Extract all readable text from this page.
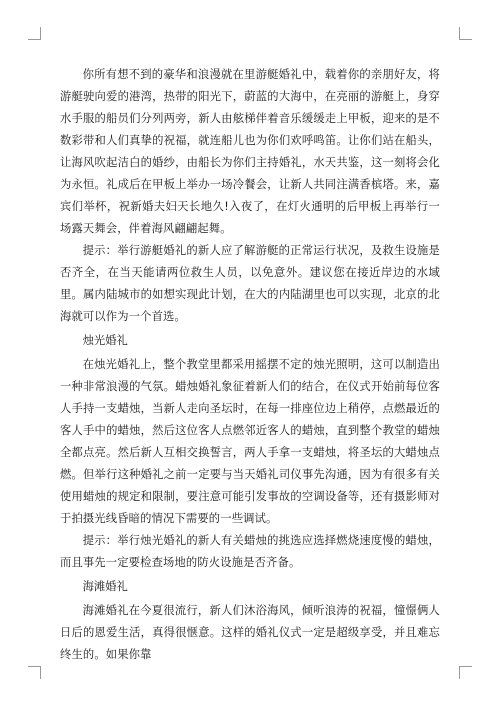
你所有想不到的豪华和浪漫就在里游艇婚礼中，载着你的亲朋好友，将游艇驶向爱的港湾，热带的阳光下，蔚蓝的大海中，在亮丽的游艇上，身穿水手服的船员们分列两旁，新人由舷梯伴着音乐缓缓走上甲板，迎来的是不数彩带和人们真挚的祝福，就连船儿也为你们欢呼鸣笛。让你们站在船头，让海风吹起洁白的婚纱，由船长为你们主持婚礼，水天共鉴，这一刻将会化为永恒。礼成后在甲板上举办一场冷餐会，让新人共同注满香槟塔。来，嘉宾们举杯，祝新婚夫妇天长地久!入夜了，在灯火通明的后甲板上再举行一场露天舞会，伴着海风翩翩起舞。

提示：举行游艇婚礼的新人应了解游艇的正常运行状况，及救生设施是否齐全，在当天能请两位救生人员，以免意外。建议您在接近岸边的水域里。属内陆城市的如想实现此计划，在大的内陆湖里也可以实现，北京的北海就可以作为一个首选。

烛光婚礼

在烛光婚礼上，整个教堂里都采用摇摆不定的烛光照明，这可以制造出一种非常浪漫的气氛。蜡烛婚礼象征着新人们的结合，在仪式开始前每位客人手持一支蜡烛，当新人走向圣坛时，在每一排座位边上稍停，点燃最近的客人手中的蜡烛，然后这位客人点燃邻近客人的蜡烛，直到整个教堂的蜡烛全都点亮。然后新人互相交换誓言，两人手拿一支蜡烛，将圣坛的大蜡烛点燃。但举行这种婚礼之前一定要与当天婚礼司仪事先沟通，因为有很多有关使用蜡烛的规定和限制，要注意可能引发事故的空调设备等，还有摄影师对于拍摄光线昏暗的情况下需要的一些调试。

提示：举行烛光婚礼的新人有关蜡烛的挑选应选择燃烧速度慢的蜡烛，而且事先一定要检查场地的防火设施是否齐备。

海滩婚礼

海滩婚礼在今夏很流行，新人们沐浴海风，倾听浪涛的祝福，憧憬俩人日后的恩爱生活，真得很惬意。这样的婚礼仪式一定是超级享受，并且难忘终生的。如果你靠
